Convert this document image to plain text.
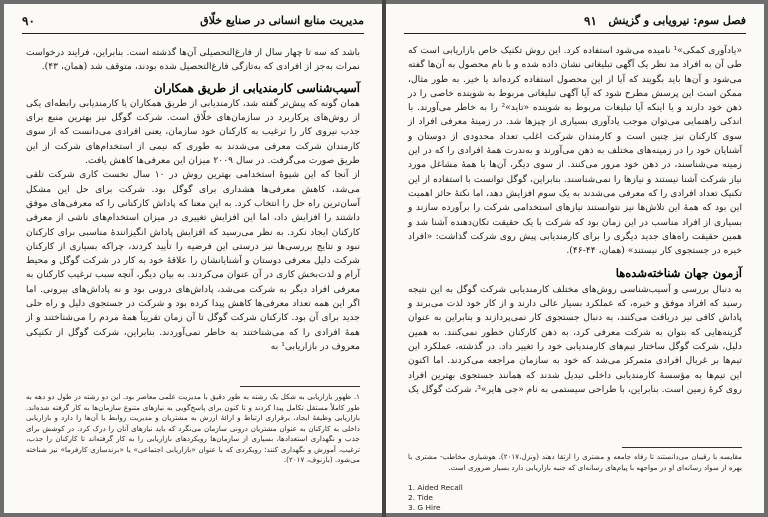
مدیریت منابع انسانی در صنایع خلّاق
۹۰

باشد که سه تا چهار سال از فارغ‌التحصیلی آن‌ها گذشته است. بنابراین، فرایند درخواست نمرات به‌جز از افرادی که به‌تازگی فارغ‌التحصیل شده بودند، متوقف شد (همان، ۴۳).

آسیب‌شناسی کارمندیابی از طریق همکاران

همان گونه که پیش‌تر گفته شد، کارمندیابی از طریق همکاران یا کارمندیابی رابطه‌ای یکی از روش‌های پرکاربرد در سازمان‌های خلّاق است. شرکت گوگل نیز بهترین منبع برای جذب نیروی کار را ترغیب به کارکنان خود سازمان، یعنی افرادی می‌دانست که از سوی کارمندان شرکت معرفی می‌شدند به طوری که نیمی از استخدام‌های شرکت از این طریق صورت می‌گرفت. در سال ۲۰۰۹ میزان این معرفی‌ها کاهش یافت.

از آنجا که این شیوهٔ استخدامی بهترین روش در ۱۰ سال نخست کاری شرکت تلقی می‌شد، کاهش معرفی‌ها هشداری برای گوگل بود. شرکت برای حل این مشکل آسان‌ترین راه حل را انتخاب کرد. به این معنا که پاداش کارکنانی را که معرفی‌های موفق داشتند را افزایش داد، اما این افزایش تغییری در میزان استخدام‌های ناشی از معرفی کارکنان ایجاد نکرد. به نظر می‌رسید که افزایش پاداش انگیزانندهٔ مناسبی برای کارکنان نبود و نتایج بررسی‌ها نیز درستی این فرضیه را تأیید کردند، چراکه بسیاری از کارکنان شرکت دلیل معرفی دوستان و آشنایانشان را علاقهٔ خود به کار در شرکت گوگل و محیط آرام و لذت‌بخش کاری در آن عنوان می‌کردند. به بیان دیگر، آنچه سبب ترغیب کارکنان به معرفی افراد دیگر به شرکت می‌شد، پاداش‌های درونی بود و نه پاداش‌های بیرونی. اما اگر این همه تعداد معرفی‌ها کاهش پیدا کرده بود و شرکت در جستجوی دلیل و راه حلی جدید برای آن بود. کارکنان شرکت گوگل تا آن زمان تقریباً همهٔ مردم را می‌شناختند و از همهٔ افرادی را که می‌شناختند به خاطر نمی‌آوردند. بنابراین، شرکت گوگل از تکنیکی معروف در بازاریابی¹ به

۱. ظهور بازاریابی به شکل یک رشته به طور دقیق با مدیریت علمی معاصر بود. این دو رشته در طول دو دهه به طور کاملاً مستقل تکامل پیدا کردند و تا کنون برای پاسخ‌گویی به نیازهای متنوع سازمان‌ها به کار گرفته شده‌اند. بازاریابی وظیفهٔ ایجاد، برقراری ارتباط و ارائهٔ ارزش به مشتریان و مدیریت روابط با آن‌ها را دارد و بازاریابی داخلی به کارکنان به عنوان مشتریان درونی سازمان می‌نگرد که باید نیازهای آنان را درک کرد. در کوشش برای جذب و نگهداری استعدادها، بسیاری از سازمان‌ها رویکردهای بازاریابی را به کار گرفته‌اند تا کارکنان را جذب، ترغیب، آموزش و نگهداری کنند؛ رویکردی که با عنوان «بازاریابی اجتماعی» یا «برندسازی کارفرما» نیز شناخته می‌شود. (بارنوف، ۲۰۱۷).
فصل سوم: نیرویابی و گزینش
۹۱

«یادآوری کمکی»¹ نامیده می‌شود استفاده کرد. این روش تکنیک خاص بازاریابی است که طی آن به افراد مد نظر یک آگهی تبلیغاتی نشان داده شده و با نام محصول به آن‌ها گفته می‌شود و آن‌ها باید بگویند که آیا از این محصول استفاده کرده‌اند یا خیر. به طور مثال، ممکن است این پرسش مطرح شود که آیا آگهی تبلیغاتی مربوط به شوینده خاصی را در ذهن خود دارند و یا اینکه آیا تبلیغات مربوط به شوینده «تاید»² را به خاطر می‌آورند. با اندکی راهنمایی می‌توان موجب یادآوری بسیاری از چیزها شد. در زمینهٔ معرفی افراد از سوی کارکنان نیز چنین است و کارمندان شرکت اغلب تعداد محدودی از دوستان و آشنایان خود را در زمینه‌های مختلف به ذهن می‌آورند و به‌ندرت همهٔ افرادی را که در این زمینه می‌شناسند، در ذهن خود مرور می‌کنند. از سوی دیگر، آن‌ها با همهٔ مشاغل مورد نیاز شرکت آشنا نیستند و نیازها را نمی‌شناسند. بنابراین، گوگل توانست با استفاده از این تکنیک تعداد افرادی را که معرفی می‌شدند به یک سوم افزایش دهد، اما نکتهٔ حائز اهمیت این بود که همهٔ این تلاش‌ها نیز نتوانستند نیازهای استخدامی شرکت را برآورده سازند و بسیاری از افراد مناسب در این زمان بود که شرکت با یک حقیقت تکان‌دهنده آشنا شد و همین حقیقت راه‌های جدید دیگری را برای کارمندیابی پیش روی شرکت گذاشت: «افراد خیره در جستجوی کار نیستند» (همان، ۴۴-۴۶).

آزمون جهان شناخته‌شده‌ها

به دنبال بررسی و آسیب‌شناسی روش‌های مختلف کارمندیابی شرکت گوگل به این نتیجه رسید که افراد موفق و خبره، که عملکرد بسیار عالی دارند و از کار خود لذت می‌برند و پاداش کافی نیز دریافت می‌کنند، به دنبال جستجوی کار نمی‌پردازند و بنابراین به عنوان گزینه‌هایی که بتوان به شرکت معرفی کرد، به ذهن کارکنان خطور نمی‌کنند. به همین دلیل، شرکت گوگل ساختار تیم‌های کارمندیابی خود را تغییر داد. در گذشته، عملکرد این تیم‌ها بر غربال افرادی متمرکز می‌شد که خود به سازمان مراجعه می‌کردند. اما اکنون این تیم‌ها به مؤسسهٔ کارمندیابی داخلی تبدیل شدند که همانند جستجوی بهترین افراد روی کرهٔ زمین است. بنابراین، با طراحی سیستمی به نام «جی هایر»³، شرکت گوگل یک

مقایسه با رقیبان می‌دانستند تا رفاه جامعه و مشتری را ارتقا دهند (ونزل،۲۰۱۷). هوشیاری مخاطب- مشتری با بهره از سواد رسانه‌ای او در مواجهه با پیام‌های رسانه‌ای که جنبه بازاریابی دارد بسیار ضروری است.
1. Aided Recall
2. Tide
3. G Hire
